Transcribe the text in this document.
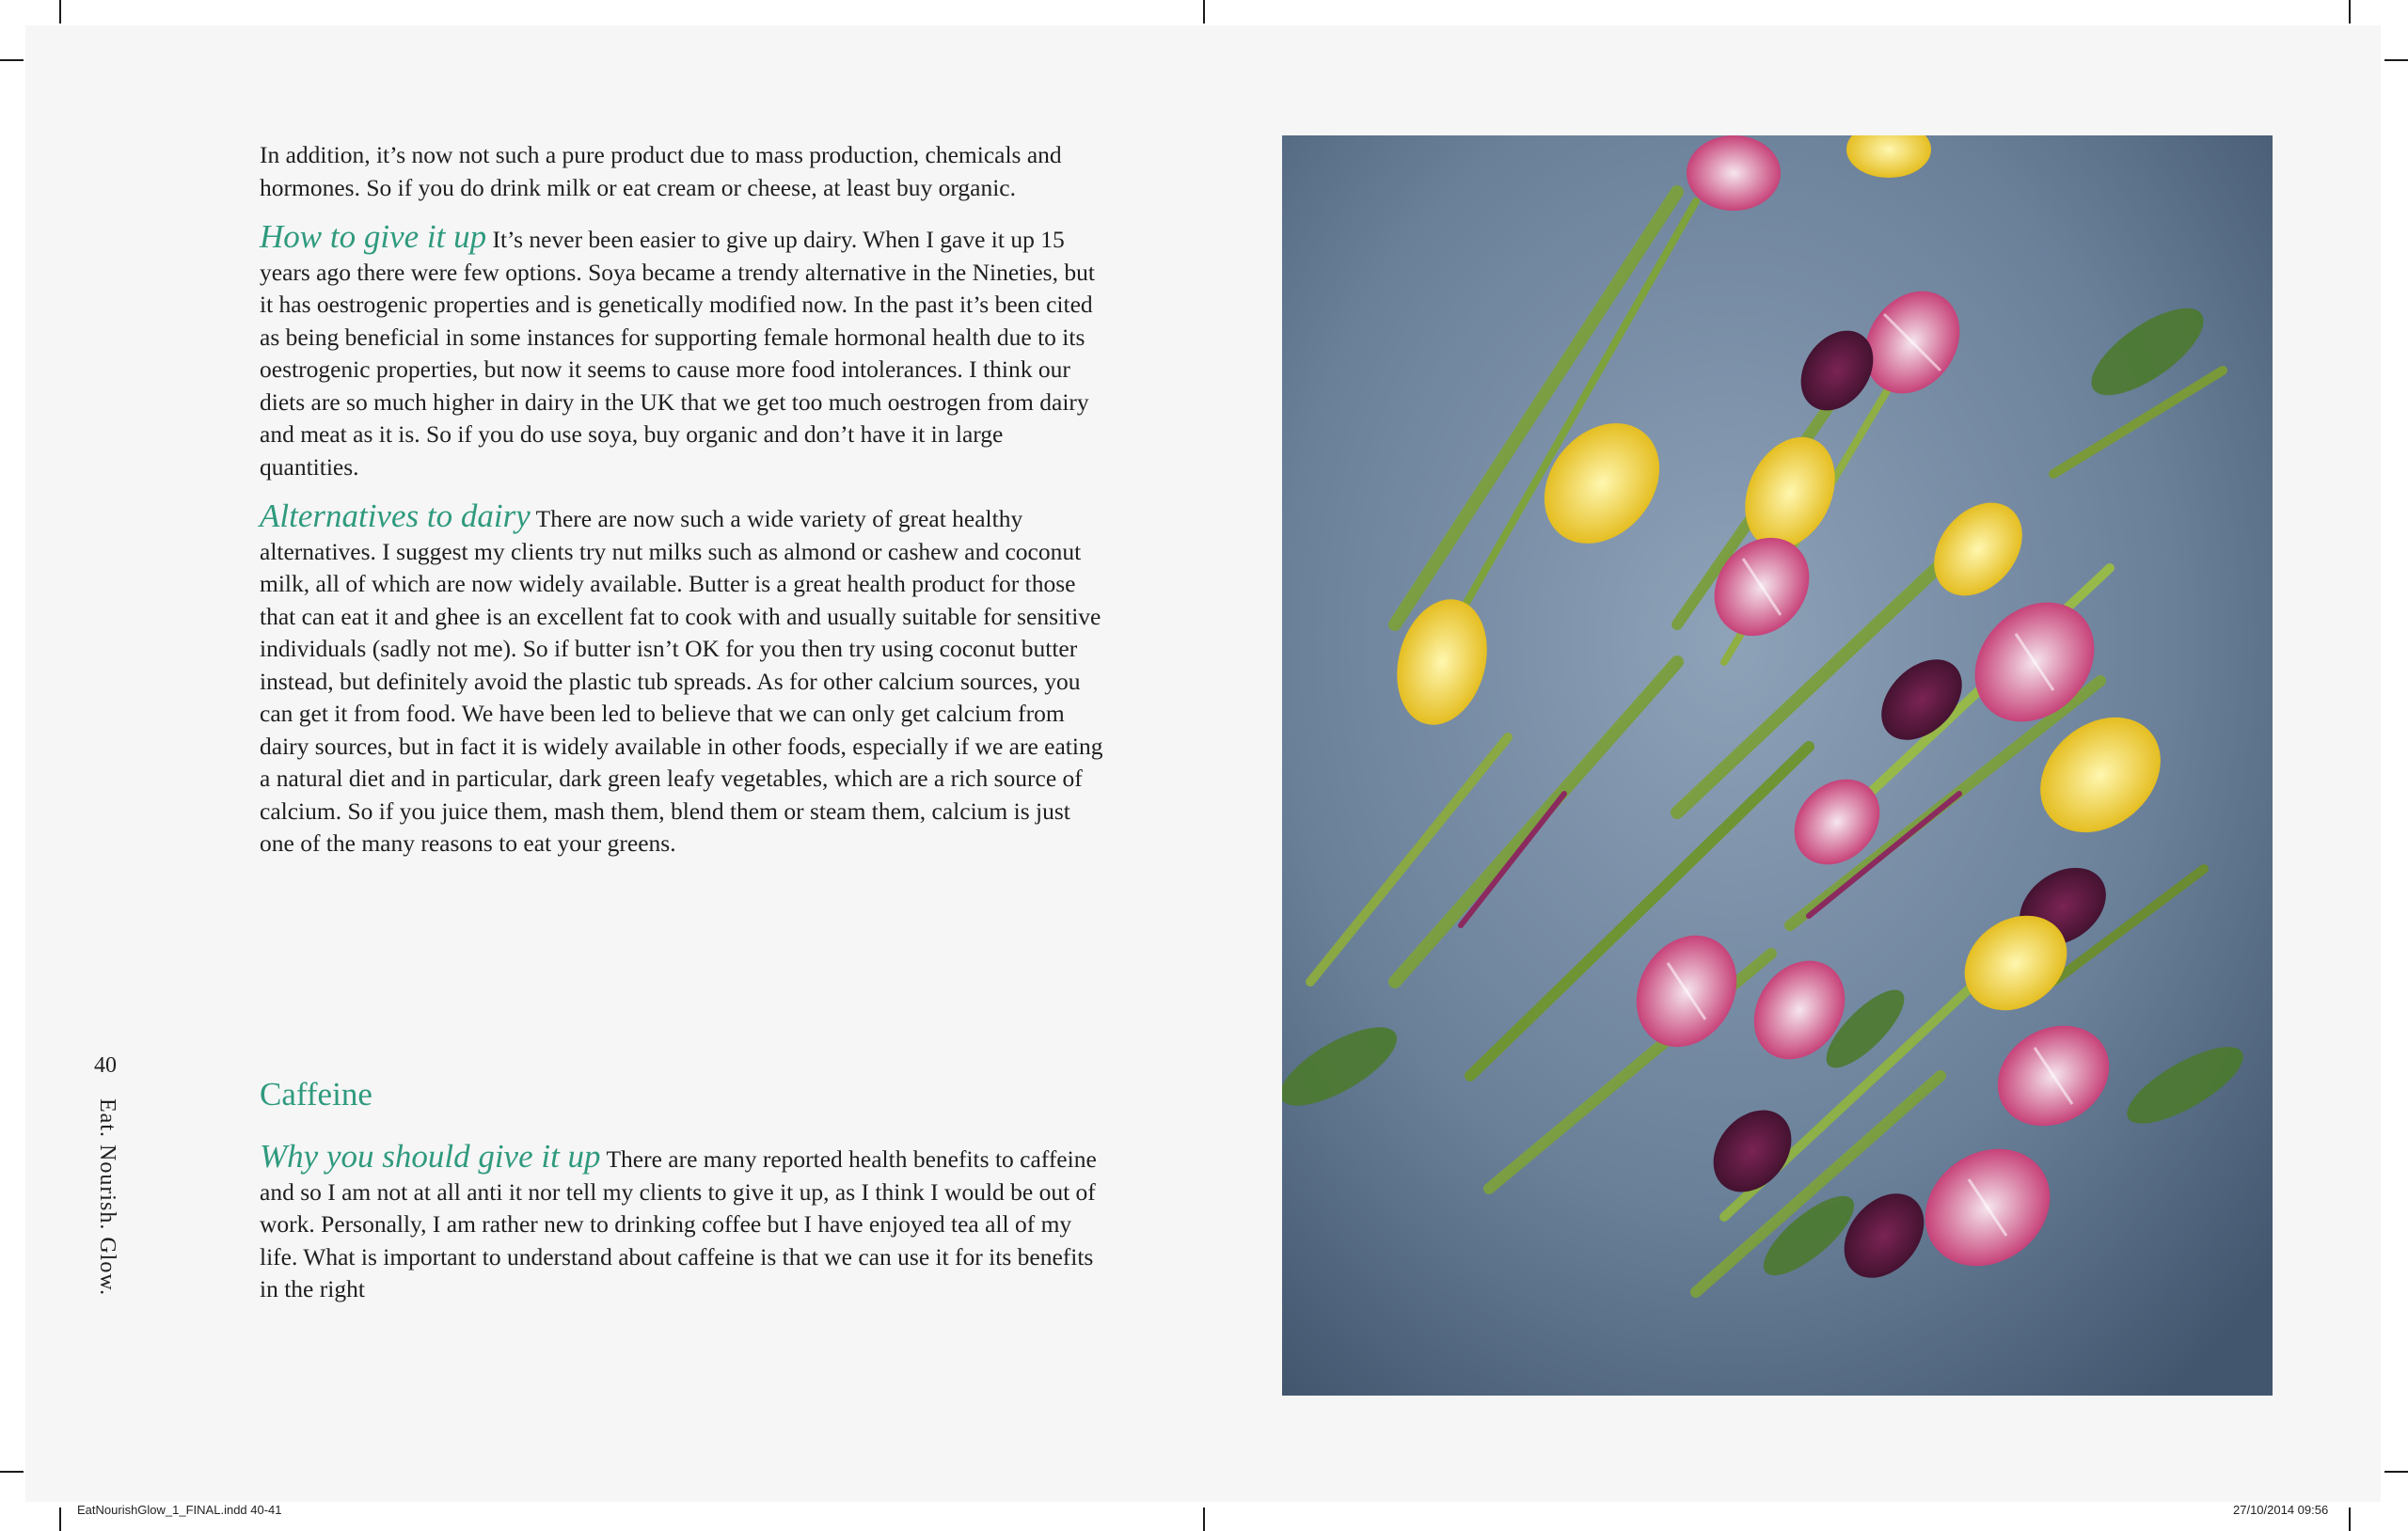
In addition, it’s now not such a pure product due to mass production, chemicals and hormones. So if you do drink milk or eat cream or cheese, at least buy organic.

How to give it up It’s never been easier to give up dairy. When I gave it up 15 years ago there were few options. Soya became a trendy alternative in the Nineties, but it has oestrogenic properties and is genetically modified now. In the past it’s been cited as being beneficial in some instances for supporting female hormonal health due to its oestrogenic properties, but now it seems to cause more food intolerances. I think our diets are so much higher in dairy in the UK that we get too much oestrogen from dairy and meat as it is. So if you do use soya, buy organic and don’t have it in large quantities.

Alternatives to dairy There are now such a wide variety of great healthy alternatives. I suggest my clients try nut milks such as almond or cashew and coconut milk, all of which are now widely available. Butter is a great health product for those that can eat it and ghee is an excellent fat to cook with and usually suitable for sensitive individuals (sadly not me). So if butter isn’t OK for you then try using coconut butter instead, but definitely avoid the plastic tub spreads. As for other calcium sources, you can get it from food. We have been led to believe that we can only get calcium from dairy sources, but in fact it is widely available in other foods, especially if we are eating a natural diet and in particular, dark green leafy vegetables, which are a rich source of calcium. So if you juice them, mash them, blend them or steam them, calcium is just one of the many reasons to eat your greens.

Caffeine

Why you should give it up There are many reported health benefits to caffeine and so I am not at all anti it nor tell my clients to give it up, as I think I would be out of work. Personally, I am rather new to drinking coffee but I have enjoyed tea all of my life. What is important to understand about caffeine is that we can use it for its benefits in the right

40
Eat. Nourish. Glow.
EatNourishGlow_1_FINAL.indd 40-41	27/10/2014 09:56
